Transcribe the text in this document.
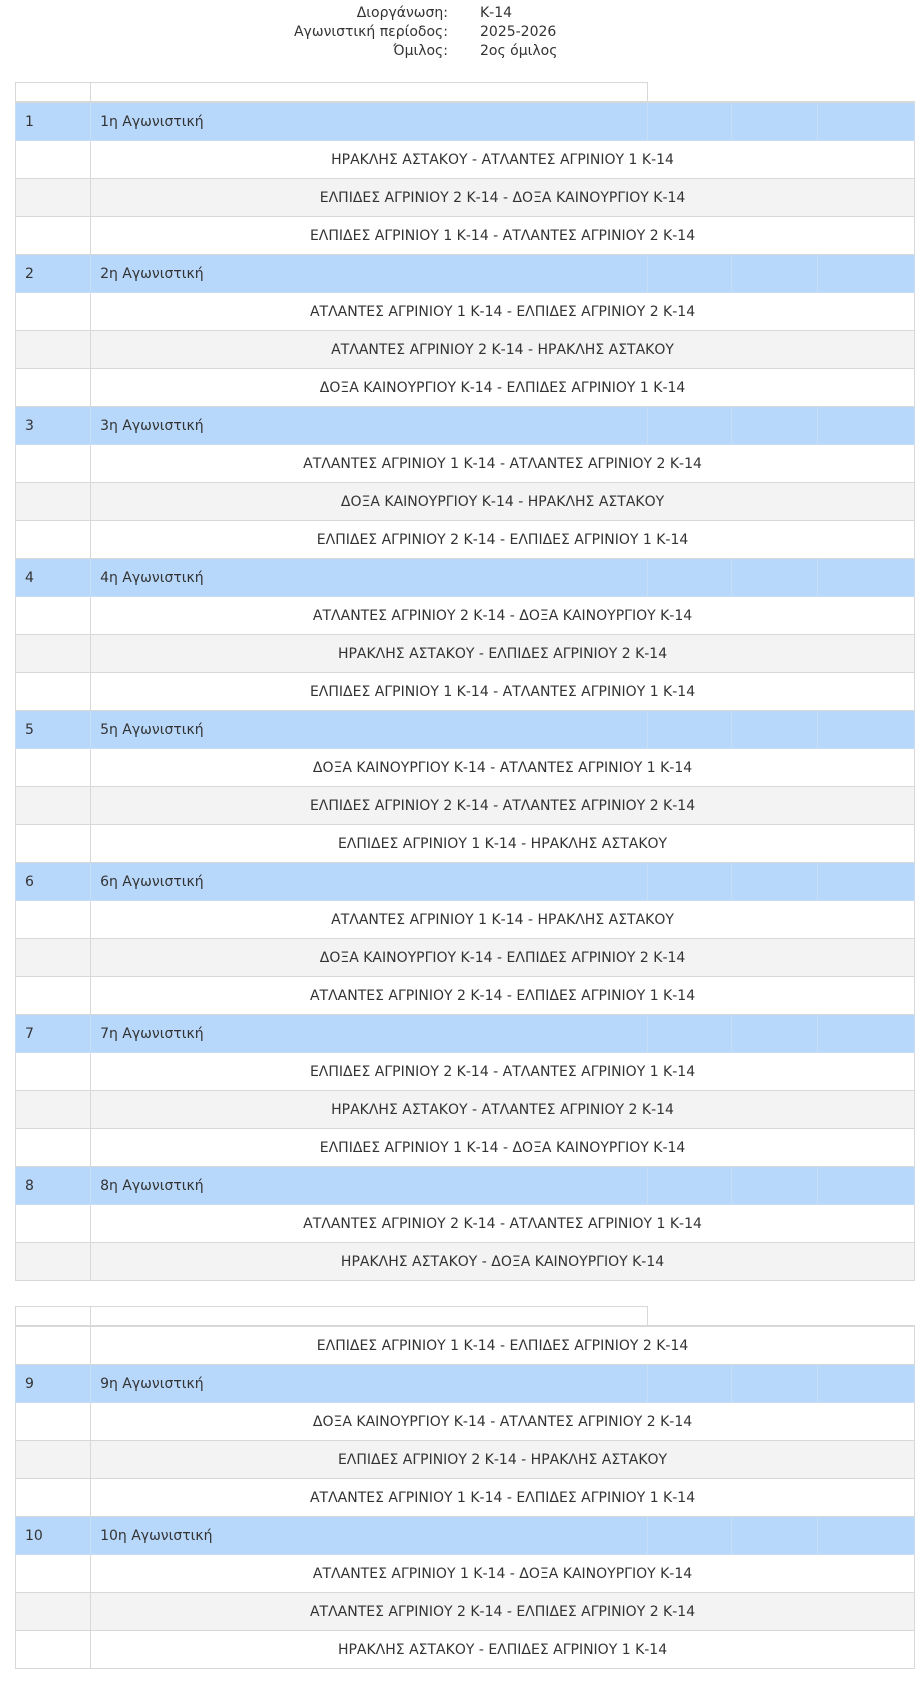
Διοργάνωση: Κ-14
Αγωνιστική περίοδος: 2025-2026
Όμιλος: 2ος όμιλος

1	1η Αγωνιστική			
	ΗΡΑΚΛΗΣ ΑΣΤΑΚΟΥ - ΑΤΛΑΝΤΕΣ ΑΓΡΙΝΙΟΥ 1 Κ-14			
	ΕΛΠΙΔΕΣ ΑΓΡΙΝΙΟΥ 2 Κ-14 - ΔΟΞΑ ΚΑΙΝΟΥΡΓΙΟΥ Κ-14			
	ΕΛΠΙΔΕΣ ΑΓΡΙΝΙΟΥ 1 Κ-14 - ΑΤΛΑΝΤΕΣ ΑΓΡΙΝΙΟΥ 2 Κ-14			
2	2η Αγωνιστική			
	ΑΤΛΑΝΤΕΣ ΑΓΡΙΝΙΟΥ 1 Κ-14 - ΕΛΠΙΔΕΣ ΑΓΡΙΝΙΟΥ 2 Κ-14			
	ΑΤΛΑΝΤΕΣ ΑΓΡΙΝΙΟΥ 2 Κ-14 - ΗΡΑΚΛΗΣ ΑΣΤΑΚΟΥ			
	ΔΟΞΑ ΚΑΙΝΟΥΡΓΙΟΥ Κ-14 - ΕΛΠΙΔΕΣ ΑΓΡΙΝΙΟΥ 1 Κ-14			
3	3η Αγωνιστική			
	ΑΤΛΑΝΤΕΣ ΑΓΡΙΝΙΟΥ 1 Κ-14 - ΑΤΛΑΝΤΕΣ ΑΓΡΙΝΙΟΥ 2 Κ-14			
	ΔΟΞΑ ΚΑΙΝΟΥΡΓΙΟΥ Κ-14 - ΗΡΑΚΛΗΣ ΑΣΤΑΚΟΥ			
	ΕΛΠΙΔΕΣ ΑΓΡΙΝΙΟΥ 2 Κ-14 - ΕΛΠΙΔΕΣ ΑΓΡΙΝΙΟΥ 1 Κ-14			
4	4η Αγωνιστική			
	ΑΤΛΑΝΤΕΣ ΑΓΡΙΝΙΟΥ 2 Κ-14 - ΔΟΞΑ ΚΑΙΝΟΥΡΓΙΟΥ Κ-14			
	ΗΡΑΚΛΗΣ ΑΣΤΑΚΟΥ - ΕΛΠΙΔΕΣ ΑΓΡΙΝΙΟΥ 2 Κ-14			
	ΕΛΠΙΔΕΣ ΑΓΡΙΝΙΟΥ 1 Κ-14 - ΑΤΛΑΝΤΕΣ ΑΓΡΙΝΙΟΥ 1 Κ-14			
5	5η Αγωνιστική			
	ΔΟΞΑ ΚΑΙΝΟΥΡΓΙΟΥ Κ-14 - ΑΤΛΑΝΤΕΣ ΑΓΡΙΝΙΟΥ 1 Κ-14			
	ΕΛΠΙΔΕΣ ΑΓΡΙΝΙΟΥ 2 Κ-14 - ΑΤΛΑΝΤΕΣ ΑΓΡΙΝΙΟΥ 2 Κ-14			
	ΕΛΠΙΔΕΣ ΑΓΡΙΝΙΟΥ 1 Κ-14 - ΗΡΑΚΛΗΣ ΑΣΤΑΚΟΥ			
6	6η Αγωνιστική			
	ΑΤΛΑΝΤΕΣ ΑΓΡΙΝΙΟΥ 1 Κ-14 - ΗΡΑΚΛΗΣ ΑΣΤΑΚΟΥ			
	ΔΟΞΑ ΚΑΙΝΟΥΡΓΙΟΥ Κ-14 - ΕΛΠΙΔΕΣ ΑΓΡΙΝΙΟΥ 2 Κ-14			
	ΑΤΛΑΝΤΕΣ ΑΓΡΙΝΙΟΥ 2 Κ-14 - ΕΛΠΙΔΕΣ ΑΓΡΙΝΙΟΥ 1 Κ-14			
7	7η Αγωνιστική			
	ΕΛΠΙΔΕΣ ΑΓΡΙΝΙΟΥ 2 Κ-14 - ΑΤΛΑΝΤΕΣ ΑΓΡΙΝΙΟΥ 1 Κ-14			
	ΗΡΑΚΛΗΣ ΑΣΤΑΚΟΥ - ΑΤΛΑΝΤΕΣ ΑΓΡΙΝΙΟΥ 2 Κ-14			
	ΕΛΠΙΔΕΣ ΑΓΡΙΝΙΟΥ 1 Κ-14 - ΔΟΞΑ ΚΑΙΝΟΥΡΓΙΟΥ Κ-14			
8	8η Αγωνιστική			
	ΑΤΛΑΝΤΕΣ ΑΓΡΙΝΙΟΥ 2 Κ-14 - ΑΤΛΑΝΤΕΣ ΑΓΡΙΝΙΟΥ 1 Κ-14			
	ΗΡΑΚΛΗΣ ΑΣΤΑΚΟΥ - ΔΟΞΑ ΚΑΙΝΟΥΡΓΙΟΥ Κ-14			

	ΕΛΠΙΔΕΣ ΑΓΡΙΝΙΟΥ 1 Κ-14 - ΕΛΠΙΔΕΣ ΑΓΡΙΝΙΟΥ 2 Κ-14			
9	9η Αγωνιστική			
	ΔΟΞΑ ΚΑΙΝΟΥΡΓΙΟΥ Κ-14 - ΑΤΛΑΝΤΕΣ ΑΓΡΙΝΙΟΥ 2 Κ-14			
	ΕΛΠΙΔΕΣ ΑΓΡΙΝΙΟΥ 2 Κ-14 - ΗΡΑΚΛΗΣ ΑΣΤΑΚΟΥ			
	ΑΤΛΑΝΤΕΣ ΑΓΡΙΝΙΟΥ 1 Κ-14 - ΕΛΠΙΔΕΣ ΑΓΡΙΝΙΟΥ 1 Κ-14			
10	10η Αγωνιστική			
	ΑΤΛΑΝΤΕΣ ΑΓΡΙΝΙΟΥ 1 Κ-14 - ΔΟΞΑ ΚΑΙΝΟΥΡΓΙΟΥ Κ-14			
	ΑΤΛΑΝΤΕΣ ΑΓΡΙΝΙΟΥ 2 Κ-14 - ΕΛΠΙΔΕΣ ΑΓΡΙΝΙΟΥ 2 Κ-14			
	ΗΡΑΚΛΗΣ ΑΣΤΑΚΟΥ - ΕΛΠΙΔΕΣ ΑΓΡΙΝΙΟΥ 1 Κ-14			
